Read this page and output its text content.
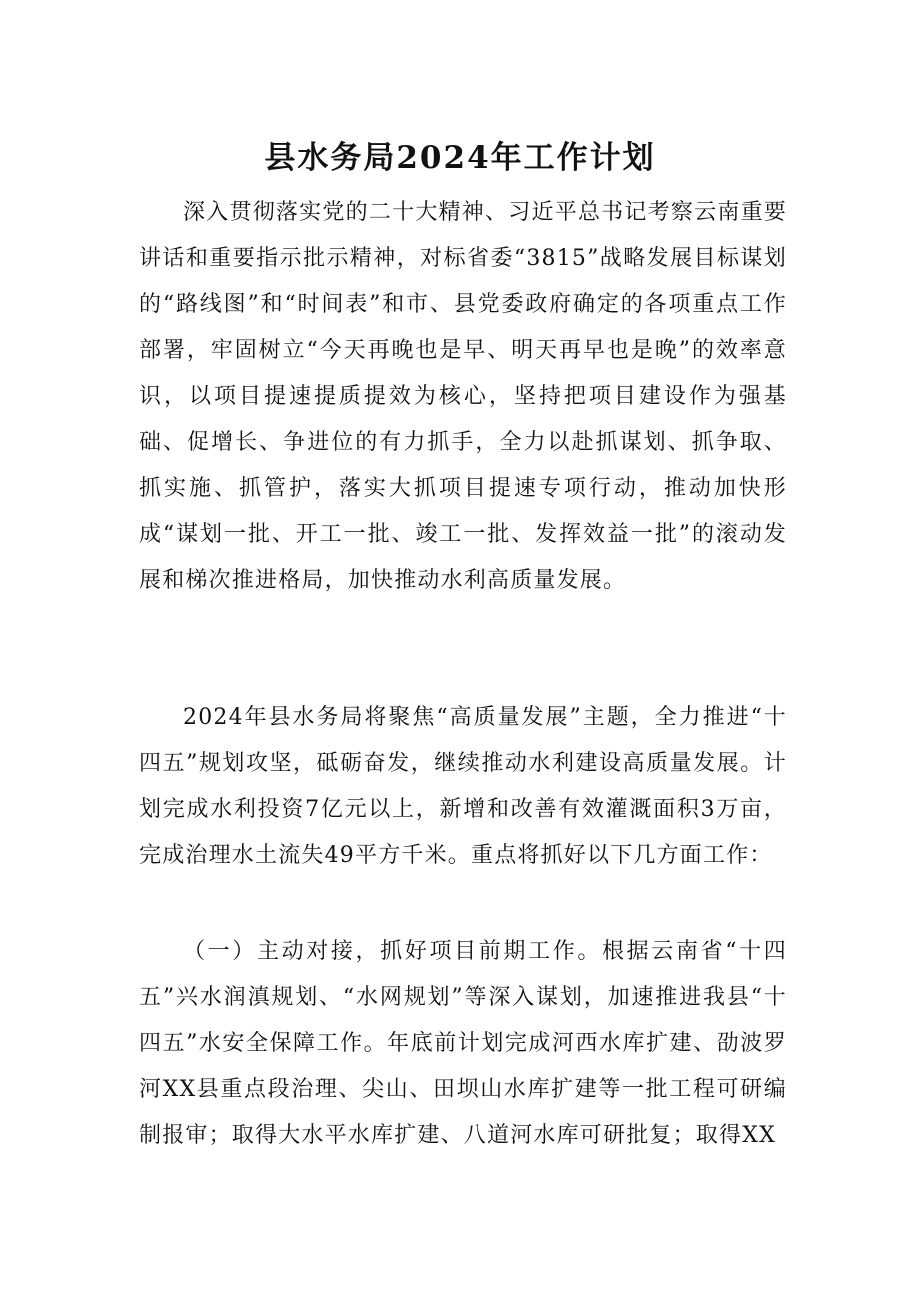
县水务局2024年工作计划

深入贯彻落实党的二十大精神、习近平总书记考察云南重要讲话和重要指示批示精神，对标省委“3815”战略发展目标谋划的“路线图”和“时间表”和市、县党委政府确定的各项重点工作部署，牢固树立“今天再晚也是早、明天再早也是晚”的效率意识，以项目提速提质提效为核心，坚持把项目建设作为强基础、促增长、争进位的有力抓手，全力以赴抓谋划、抓争取、抓实施、抓管护，落实大抓项目提速专项行动，推动加快形成“谋划一批、开工一批、竣工一批、发挥效益一批”的滚动发展和梯次推进格局，加快推动水利高质量发展。

2024年县水务局将聚焦“高质量发展”主题，全力推进“十四五”规划攻坚，砥砺奋发，继续推动水利建设高质量发展。计划完成水利投资7亿元以上，新增和改善有效灌溉面积3万亩，完成治理水土流失49平方千米。重点将抓好以下几方面工作：

（一）主动对接，抓好项目前期工作。根据云南省“十四五”兴水润滇规划、“水网规划”等深入谋划，加速推进我县“十四五”水安全保障工作。年底前计划完成河西水库扩建、劭波罗河XX县重点段治理、尖山、田坝山水库扩建等一批工程可研编制报审；取得大水平水库扩建、八道河水库可研批复；取得XX
